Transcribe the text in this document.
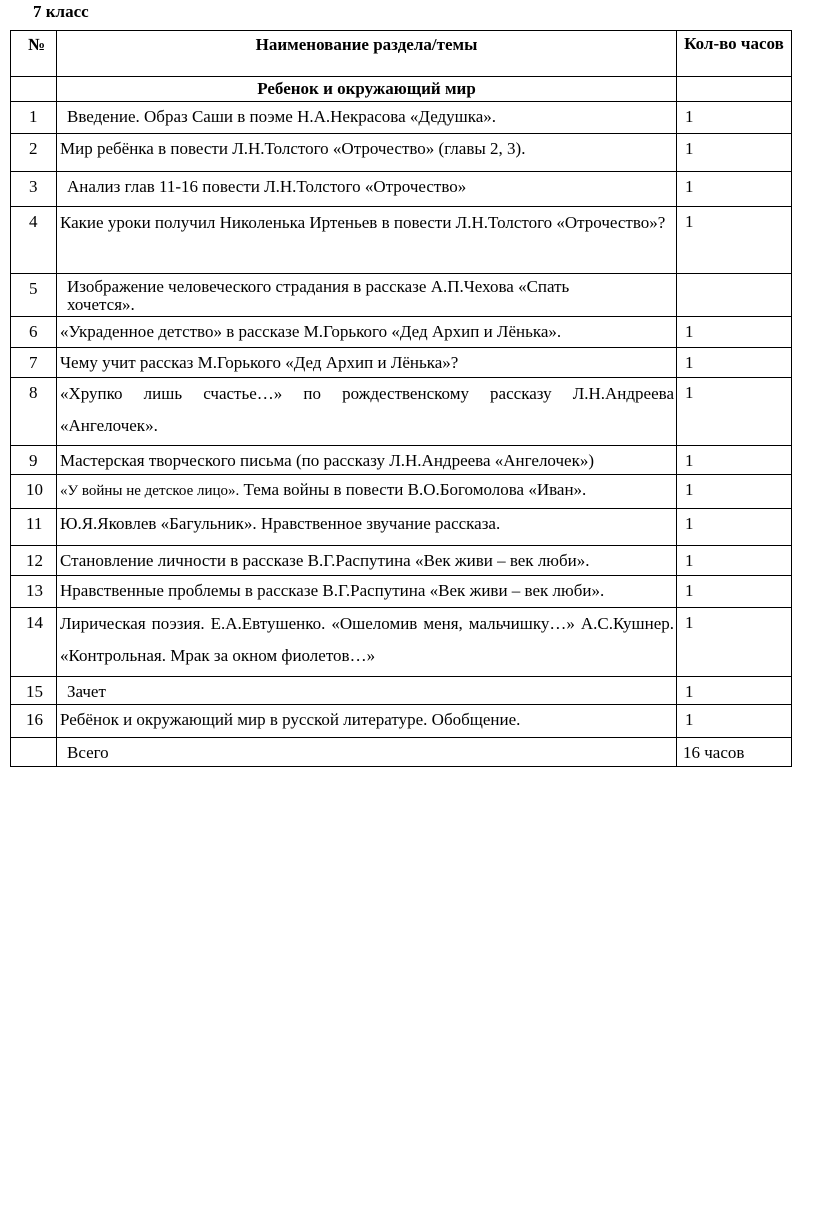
7 класс
№	Наименование раздела/темы	Кол-во часов
	Ребенок и окружающий мир	
1	Введение. Образ Саши в поэме Н.А.Некрасова «Дедушка».	1
2	Мир ребёнка в повести Л.Н.Толстого «Отрочество» (главы 2, 3).	1
3	Анализ глав 11-16 повести Л.Н.Толстого «Отрочество»	1
4	Какие уроки получил Николенька Иртеньев в повести Л.Н.Толстого «Отрочество»?	1
5	Изображение человеческого страдания в рассказе А.П.Чехова «Спать хочется».	
6	«Украденное детство» в рассказе М.Горького «Дед Архип и Лёнька».	1
7	Чему учит рассказ М.Горького «Дед Архип и Лёнька»?	1
8	«Хрупко лишь счастье…» по рождественскому рассказу Л.Н.Андреева «Ангелочек».	1
9	Мастерская творческого письма (по рассказу Л.Н.Андреева «Ангелочек»)	1
10	«У войны не детское лицо». Тема войны в повести В.О.Богомолова «Иван».	1
11	Ю.Я.Яковлев «Багульник». Нравственное звучание рассказа.	1
12	Становление личности в рассказе В.Г.Распутина «Век живи – век люби».	1
13	Нравственные проблемы в рассказе В.Г.Распутина «Век живи – век люби».	1
14	Лирическая поэзия. Е.А.Евтушенко. «Ошеломив меня, мальчишку…» А.С.Кушнер. «Контрольная. Мрак за окном фиолетов…»	1
15	Зачет	1
16	Ребёнок и окружающий мир в русской литературе. Обобщение.	1
	Всего	16 часов
